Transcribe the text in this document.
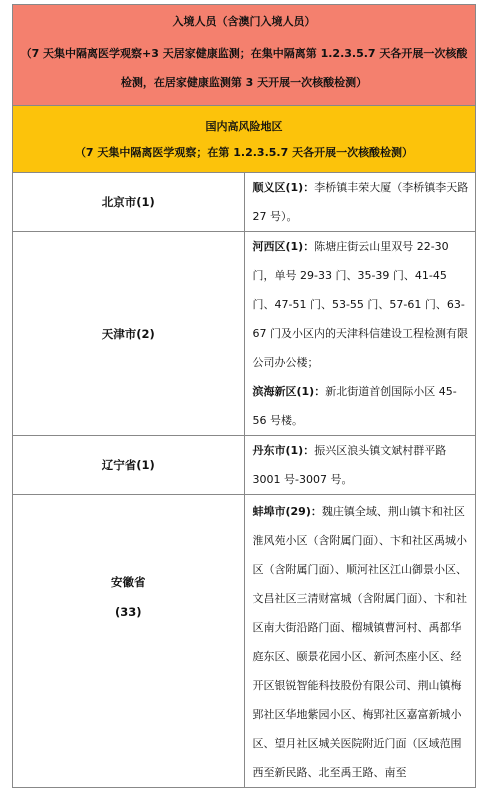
入境人员（含澳门入境人员）
（7 天集中隔离医学观察+3 天居家健康监测；在集中隔离第 1.2.3.5.7 天各开展一次核酸检测，在居家健康监测第 3 天开展一次核酸检测）	

国内高风险地区
（7 天集中隔离医学观察；在第 1.2.3.5.7 天各开展一次核酸检测）	

北京市(1)	顺义区(1)：李桥镇丰荣大厦（李桥镇李天路 27 号）。
天津市(2)	河西区(1)：陈塘庄街云山里双号 22-30 门，单号 29-33 门、35-39 门、41-45 门、47-51 门、53-55 门、57-61 门、63-67 门及小区内的天津科信建设工程检测有限公司办公楼；
滨海新区(1)：新北街道首创国际小区 45-56 号楼。

辽宁省(1)	丹东市(1)：振兴区浪头镇文斌村群平路 3001 号-3007 号。

安徽省
(33)	蚌埠市(29)：魏庄镇全域、荆山镇卞和社区淮风苑小区（含附属门面）、卞和社区禹城小区（含附属门面）、顺河社区江山御景小区、文昌社区三清财富城（含附属门面）、卞和社区南大街沿路门面、榴城镇曹河村、禹都华庭东区、颐景花园小区、新河杰座小区、经开区银锐智能科技股份有限公司、荆山镇梅郢社区华地紫园小区、梅郢社区嘉富新城小区、望月社区城关医院附近门面（区域范围西至新民路、北至禹王路、南至
